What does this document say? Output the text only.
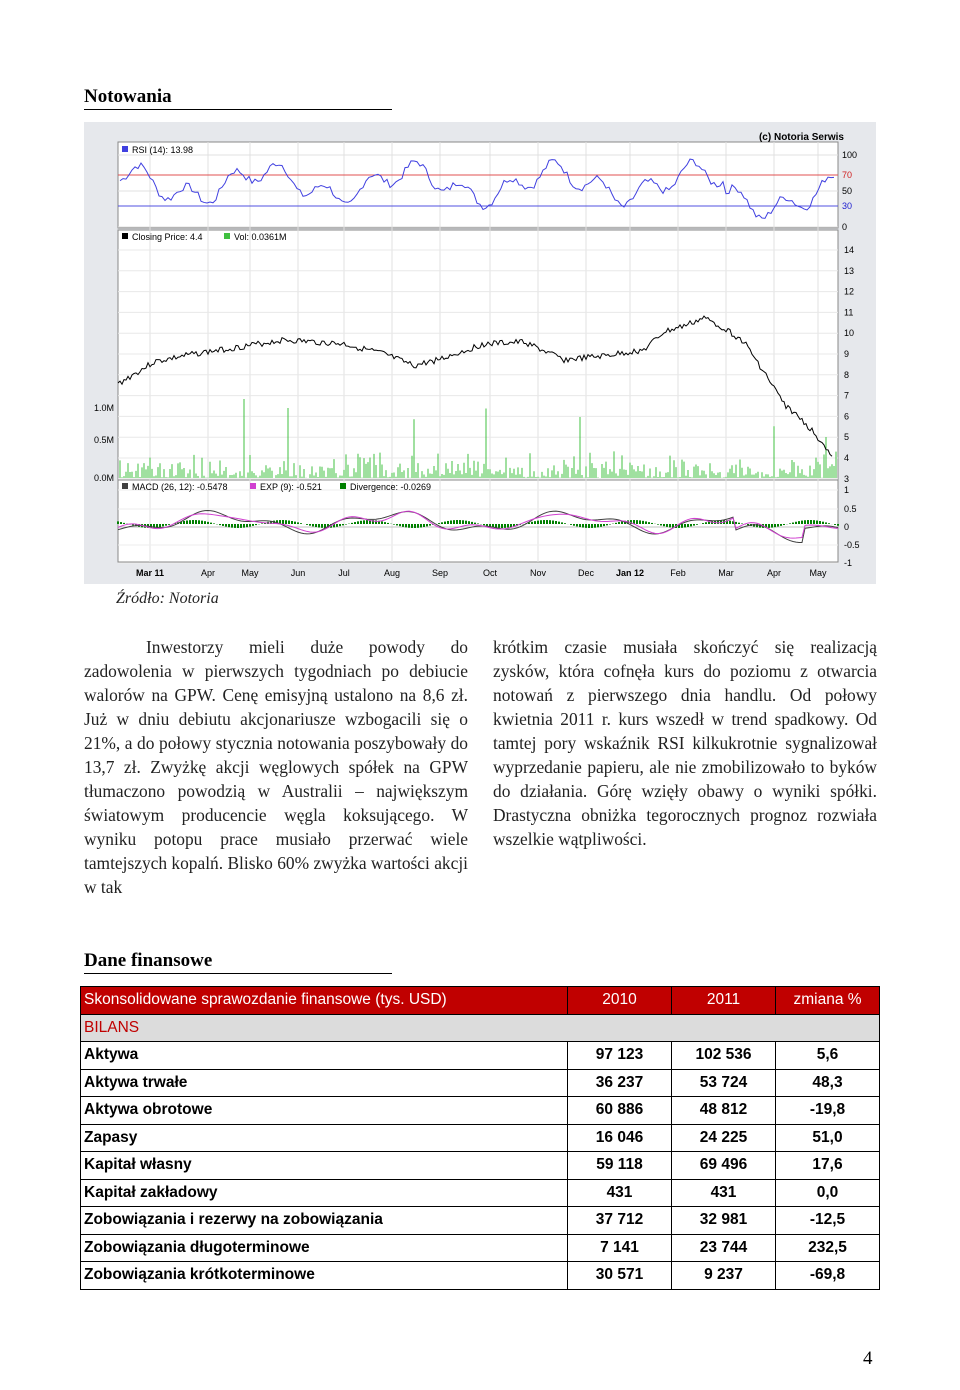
Notowania
Mar 11	Apr	May	Jun	Jul	Aug	Sep	Oct	Nov	Dec Jan 12	Feb	Mar	Apr	May
100
70
50
30
0
(c) Notoria Serwis
RSI (14): 13.98
14
13
12
11
10
9
8
7
6
5
4
3
Closing Price: 4.4	Vol: 0.0361M
1.0M
0.5M
0.0M
1
0.5
0
-0.5
-1
MACD (26, 12): -0.5478	EXP (9): -0.521	Divergence: -0.0269
Źródło: Notoria

Inwestorzy mieli duże powody do zadowolenia w pierwszych tygodniach po debiucie walorów na GPW. Cenę emisyjną ustalono na 8,6 zł. Już w dniu debiutu akcjonariusze wzbogacili się o 21%, a do połowy stycznia notowania poszybowały do 13,7 zł. Zwyżkę akcji węglowych spółek na GPW tłumaczono powodzią w Australii – największym światowym producencie węgla koksującego. W wyniku potopu prace musiało przerwać wiele tamtejszych kopalń. Blisko 60% zwyżka wartości akcji w tak

krótkim czasie musiała skończyć się realizacją zysków, która cofnęła kurs do poziomu z otwarcia notowań z pierwszego dnia handlu. Od połowy kwietnia 2011 r. kurs wszedł w trend spadkowy. Od tamtej pory wskaźnik RSI kilkukrotnie sygnalizował wyprzedanie papieru, ale nie zmobilizowało to byków do działania. Górę wzięły obawy o wyniki spółki. Drastyczna obniżka tegorocznych prognoz rozwiała wszelkie wątpliwości.

Dane finansowe
Skonsolidowane sprawozdanie finansowe (tys. USD)	2010	2011	zmiana %
BILANS			
Aktywa	97 123	102 536	5,6
Aktywa trwałe	36 237	53 724	48,3
Aktywa obrotowe	60 886	48 812	-19,8
Zapasy	16 046	24 225	51,0
Kapitał własny	59 118	69 496	17,6
Kapitał zakładowy	431	431	0,0
Zobowiązania i rezerwy na zobowiązania	37 712	32 981	-12,5
Zobowiązania długoterminowe	7 141	23 744	232,5
Zobowiązania krótkoterminowe	30 571	9 237	-69,8
4
